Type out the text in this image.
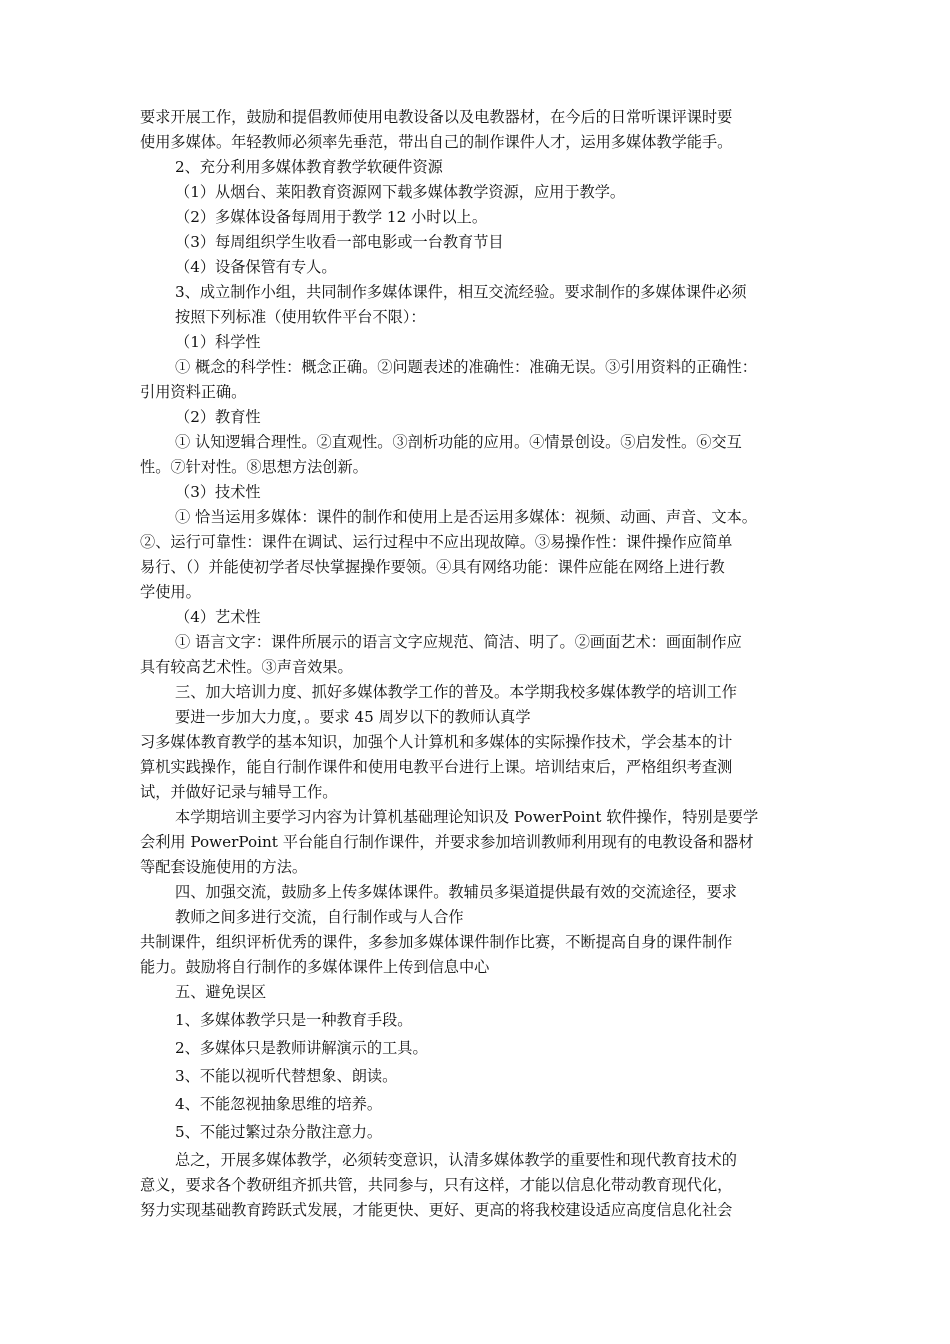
要求开展工作，鼓励和提倡教师使用电教设备以及电教器材，在今后的日常听课评课时要
使用多媒体。年轻教师必须率先垂范，带出自己的制作课件人才，运用多媒体教学能手。
2、充分利用多媒体教育教学软硬件资源
（1）从烟台、莱阳教育资源网下载多媒体教学资源，应用于教学。
（2）多媒体设备每周用于教学 12 小时以上。
（3）每周组织学生收看一部电影或一台教育节目
（4）设备保管有专人。
3、成立制作小组，共同制作多媒体课件，相互交流经验。要求制作的多媒体课件必须
按照下列标准（使用软件平台不限）：
（1）科学性
① 概念的科学性：概念正确。②问题表述的准确性：准确无误。③引用资料的正确性：
引用资料正确。
（2）教育性
① 认知逻辑合理性。②直观性。③剖析功能的应用。④情景创设。⑤启发性。⑥交互
性。⑦针对性。⑧思想方法创新。
（3）技术性
① 恰当运用多媒体：课件的制作和使用上是否运用多媒体：视频、动画、声音、文本。
②、运行可靠性：课件在调试、运行过程中不应出现故障。③易操作性：课件操作应简单
易行、（）并能使初学者尽快掌握操作要领。④具有网络功能：课件应能在网络上进行教
学使用。
（4）艺术性
① 语言文字：课件所展示的语言文字应规范、简洁、明了。②画面艺术：画面制作应
具有较高艺术性。③声音效果。
三、加大培训力度、抓好多媒体教学工作的普及。本学期我校多媒体教学的培训工作
要进一步加大力度，。要求 45 周岁以下的教师认真学
习多媒体教育教学的基本知识，加强个人计算机和多媒体的实际操作技术，学会基本的计
算机实践操作，能自行制作课件和使用电教平台进行上课。培训结束后，严格组织考查测
试，并做好记录与辅导工作。
本学期培训主要学习内容为计算机基础理论知识及 PowerPoint 软件操作，特别是要学
会利用 PowerPoint 平台能自行制作课件，并要求参加培训教师利用现有的电教设备和器材
等配套设施使用的方法。
四、加强交流，鼓励多上传多媒体课件。教辅员多渠道提供最有效的交流途径，要求
教师之间多进行交流，自行制作或与人合作
共制课件，组织评析优秀的课件，多参加多媒体课件制作比赛，不断提高自身的课件制作
能力。鼓励将自行制作的多媒体课件上传到信息中心
五、避免误区
1、多媒体教学只是一种教育手段。
2、多媒体只是教师讲解演示的工具。
3、不能以视听代替想象、朗读。
4、不能忽视抽象思维的培养。
5、不能过繁过杂分散注意力。
总之，开展多媒体教学，必须转变意识，认清多媒体教学的重要性和现代教育技术的
意义，要求各个教研组齐抓共管，共同参与，只有这样，才能以信息化带动教育现代化，
努力实现基础教育跨跃式发展，才能更快、更好、更高的将我校建设适应高度信息化社会
